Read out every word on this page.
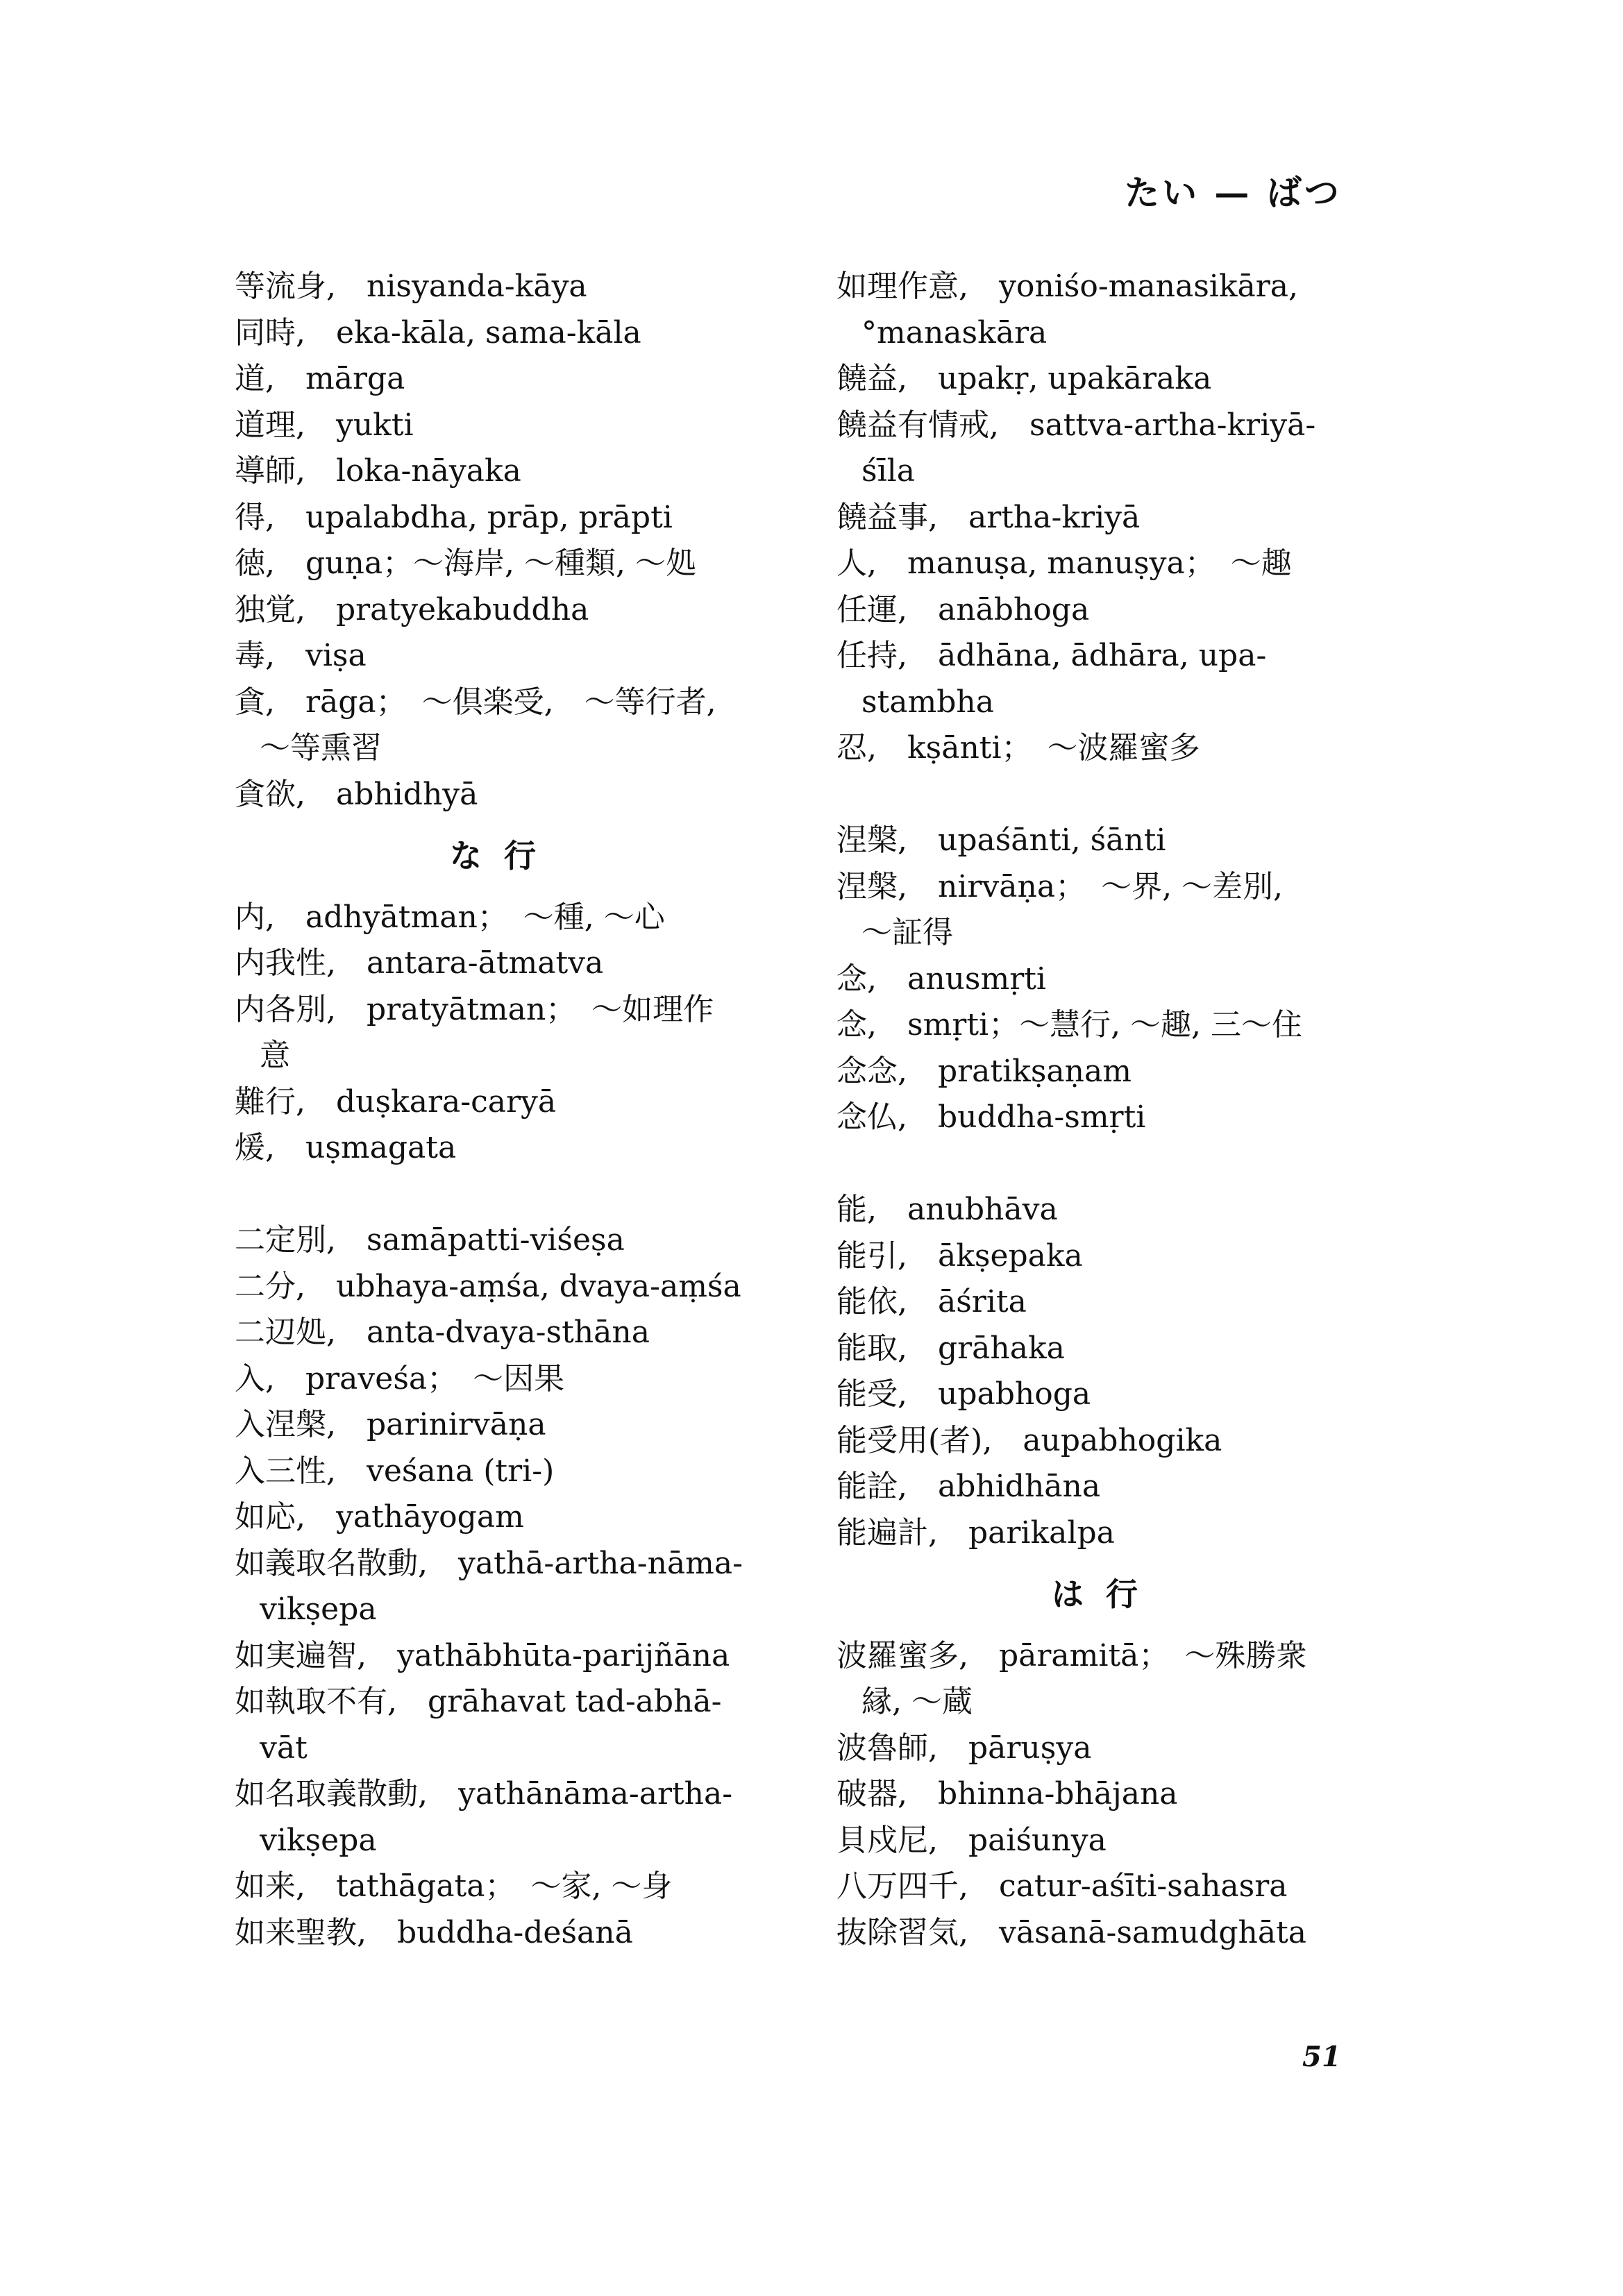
たい — ばつ
等流身,　nisyanda-kāya
同時,　eka-kāla, sama-kāla
道,　mārga
道理,　yukti
導師,　loka-nāyaka
得,　upalabdha, prāp, prāpti
徳,　guṇa；～海岸, ～種類, ～処
独覚,　pratyekabuddha
毒,　viṣa
貪,　rāga；　～倶楽受,　～等行者,
～等熏習
貪欲,　abhidhyā
な 行
内,　adhyātman；　～種, ～心
内我性,　antara-ātmatva
内各別,　pratyātman；　～如理作
意
難行,　duṣkara-caryā
煖,　uṣmagata
二定別,　samāpatti-viśeṣa
二分,　ubhaya-aṃśa, dvaya-aṃśa
二辺処,　anta-dvaya-sthāna
入,　praveśa；　～因果
入涅槃,　parinirvāṇa
入三性,　veśana (tri-)
如応,　yathāyogam
如義取名散動,　yathā-artha-nāma-
vikṣepa
如実遍智,　yathābhūta-parijñāna
如執取不有,　grāhavat tad-abhā-
vāt
如名取義散動,　yathānāma-artha-
vikṣepa
如来,　tathāgata；　～家, ～身
如来聖教,　buddha-deśanā
如理作意,　yoniśo-manasikāra,
°manaskāra
饒益,　upakṛ, upakāraka
饒益有情戒,　sattva-artha-kriyā-
śīla
饒益事,　artha-kriyā
人,　manuṣa, manuṣya；　～趣
任運,　anābhoga
任持,　ādhāna, ādhāra, upa-
stambha
忍,　kṣānti；　～波羅蜜多
涅槃,　upaśānti, śānti
涅槃,　nirvāṇa；　～界, ～差別,
～証得
念,　anusmṛti
念,　smṛti；～慧行, ～趣, 三～住
念念,　pratikṣaṇam
念仏,　buddha-smṛti
能,　anubhāva
能引,　ākṣepaka
能依,　āśrita
能取,　grāhaka
能受,　upabhoga
能受用(者),　aupabhogika
能詮,　abhidhāna
能遍計,　parikalpa
は 行
波羅蜜多,　pāramitā；　～殊勝衆
縁, ～蔵
波魯師,　pāruṣya
破器,　bhinna-bhājana
貝戍尼,　paiśunya
八万四千,　catur-aśīti-sahasra
抜除習気,　vāsanā-samudghāta
51
